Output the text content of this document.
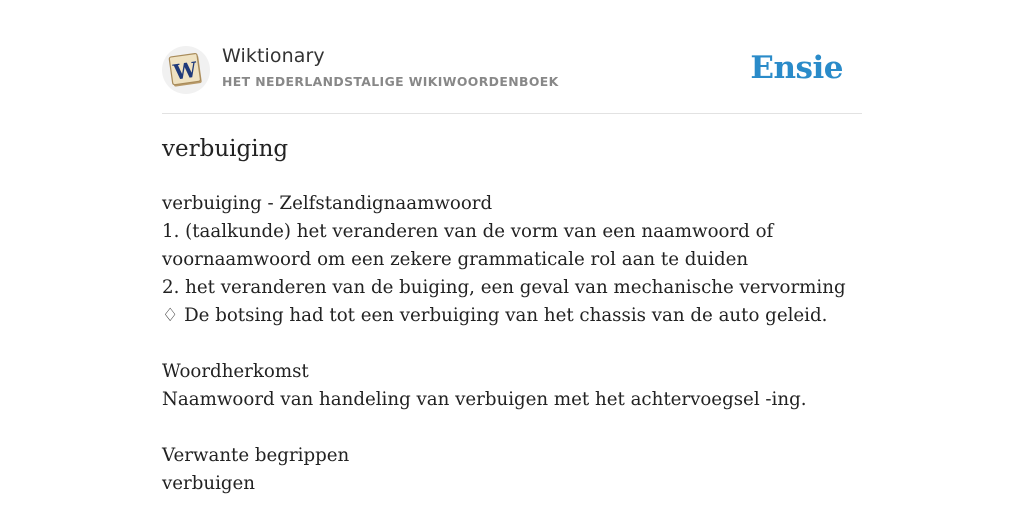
W
Wiktionary
HET NEDERLANDSTALIGE WIKIWOORDENBOEK	Ensie
verbuiging
verbuiging - Zelfstandignaamwoord
1. (taalkunde) het veranderen van de vorm van een naamwoord of
voornaamwoord om een zekere grammaticale rol aan te duiden
2. het veranderen van de buiging, een geval van mechanische vervorming
♢ De botsing had tot een verbuiging van het chassis van de auto geleid.
Woordherkomst
Naamwoord van handeling van verbuigen met het achtervoegsel -ing.
Verwante begrippen
verbuigen
